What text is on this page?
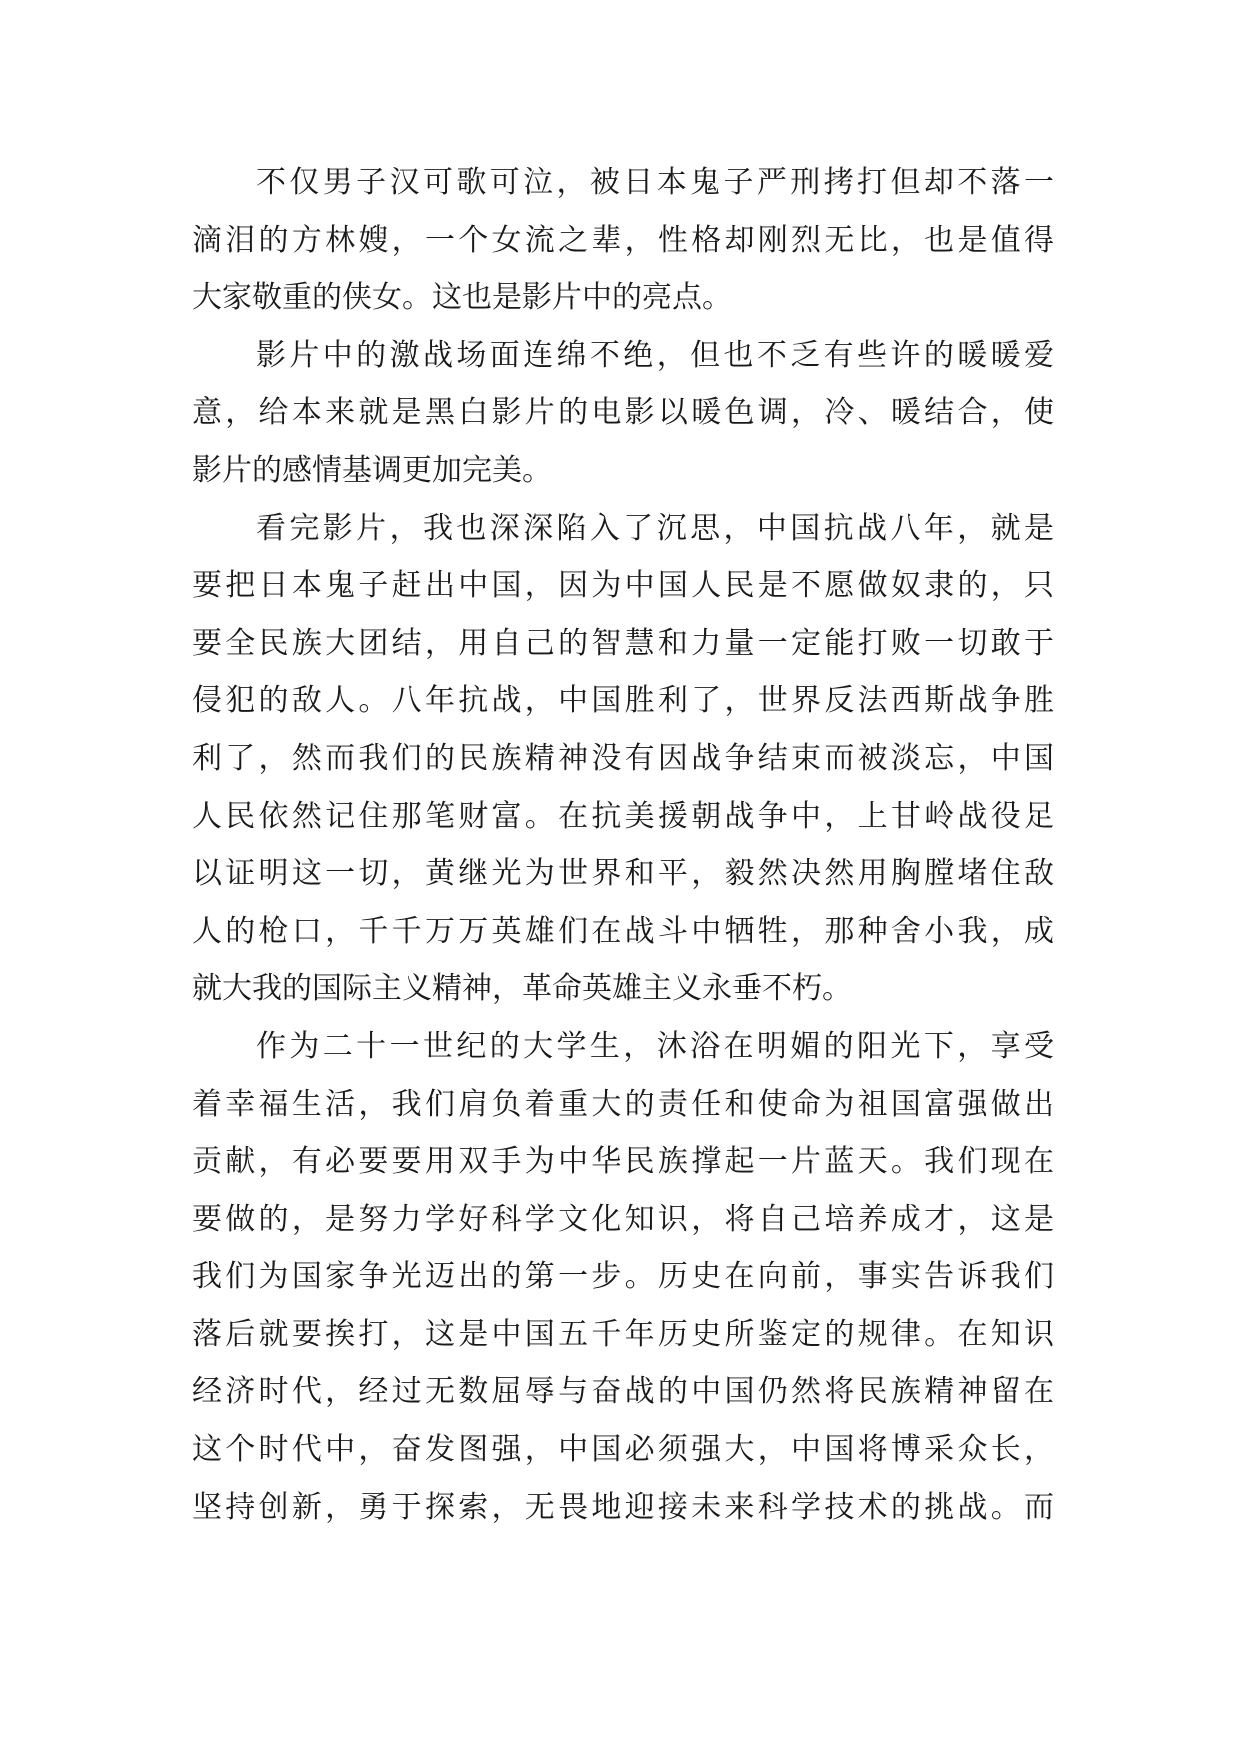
不仅男子汉可歌可泣，被日本鬼子严刑拷打但却不落一
滴泪的方林嫂，一个女流之辈，性格却刚烈无比，也是值得
大家敬重的侠女。这也是影片中的亮点。
影片中的激战场面连绵不绝，但也不乏有些许的暖暖爱
意，给本来就是黑白影片的电影以暖色调，冷、暖结合，使
影片的感情基调更加完美。
看完影片，我也深深陷入了沉思，中国抗战八年，就是
要把日本鬼子赶出中国，因为中国人民是不愿做奴隶的，只
要全民族大团结，用自己的智慧和力量一定能打败一切敢于
侵犯的敌人。八年抗战，中国胜利了，世界反法西斯战争胜
利了，然而我们的民族精神没有因战争结束而被淡忘，中国
人民依然记住那笔财富。在抗美援朝战争中，上甘岭战役足
以证明这一切，黄继光为世界和平，毅然决然用胸膛堵住敌
人的枪口，千千万万英雄们在战斗中牺牲，那种舍小我，成
就大我的国际主义精神，革命英雄主义永垂不朽。
作为二十一世纪的大学生，沐浴在明媚的阳光下，享受
着幸福生活，我们肩负着重大的责任和使命为祖国富强做出
贡献，有必要要用双手为中华民族撑起一片蓝天。我们现在
要做的，是努力学好科学文化知识，将自己培养成才，这是
我们为国家争光迈出的第一步。历史在向前，事实告诉我们
落后就要挨打，这是中国五千年历史所鉴定的规律。在知识
经济时代，经过无数屈辱与奋战的中国仍然将民族精神留在
这个时代中，奋发图强，中国必须强大，中国将博采众长，
坚持创新，勇于探索，无畏地迎接未来科学技术的挑战。而
